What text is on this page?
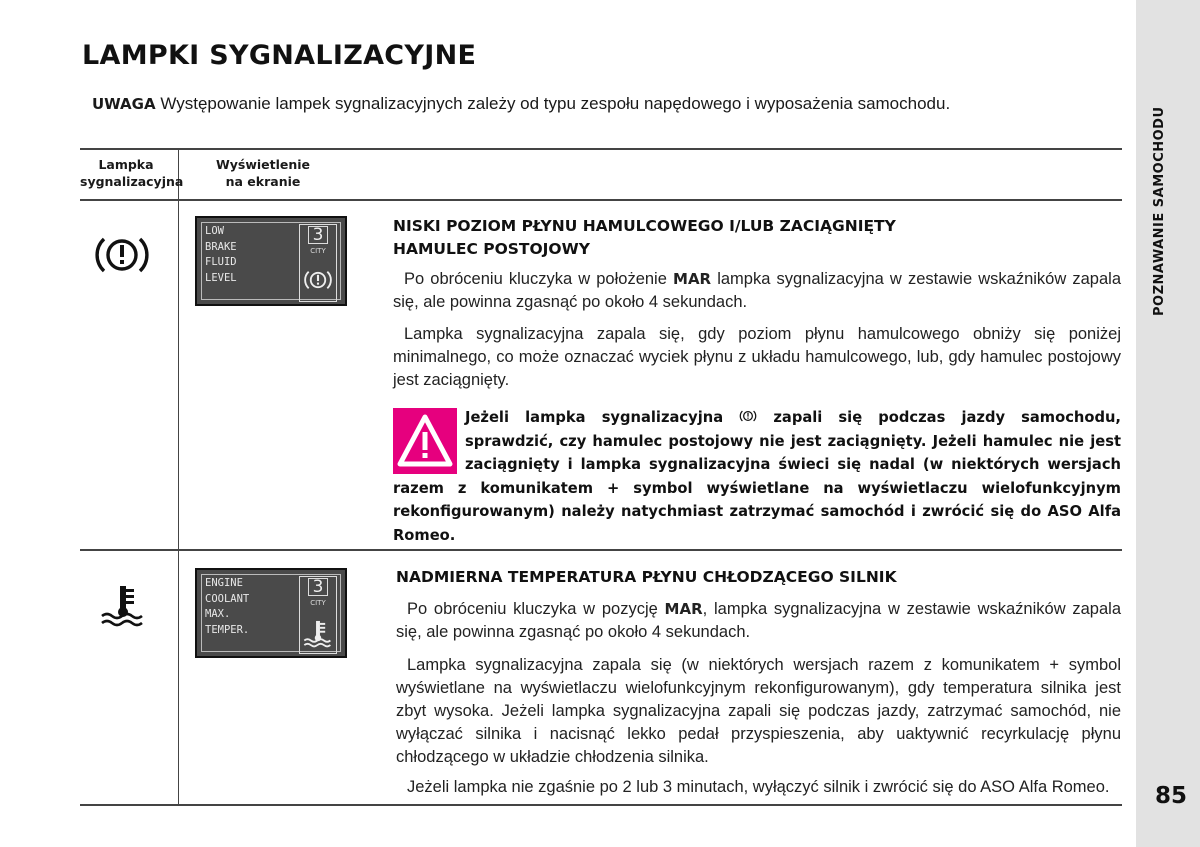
POZNAWANIE SAMOCHODU
85
LAMPKI SYGNALIZACYJNE
UWAGA Występowanie lampek sygnalizacyjnych zależy od typu zespołu napędowego i wyposażenia samochodu.
Lampka
sygnalizacyjna
Wyświetlenie
na ekranie
LOW
BRAKE
FLUID
LEVEL
3
CITY
NISKI POZIOM PŁYNU HAMULCOWEGO I/LUB ZACIĄGNIĘTY
HAMULEC POSTOJOWY
Po obróceniu kluczyka w położenie MAR lampka sygnalizacyjna w zestawie wskaźników zapala się, ale powinna zgasnąć po około 4 sekundach.
Lampka sygnalizacyjna zapala się, gdy poziom płynu hamulcowego obniży się poniżej minimalnego, co może oznaczać wyciek płynu z układu hamulcowego, lub, gdy hamulec postojowy jest zaciągnięty.
Jeżeli lampka sygnalizacyjna  zapali się podczas jazdy samochodu, sprawdzić, czy hamulec postojowy nie jest zaciągnięty. Jeżeli hamulec nie jest zaciągnięty i lampka sygnalizacyjna świeci się nadal (w niektórych wersjach razem z komunikatem + symbol wyświetlane na wyświetlaczu wielofunkcyjnym rekonfigurowanym) należy natychmiast zatrzymać samochód i zwrócić się do ASO Alfa Romeo.
ENGINE
COOLANT
MAX.
TEMPER.
3
CITY
NADMIERNA TEMPERATURA PŁYNU CHŁODZĄCEGO SILNIK
Po obróceniu kluczyka w pozycję MAR, lampka sygnalizacyjna w zestawie wskaźników zapala się, ale powinna zgasnąć po około 4 sekundach.
Lampka sygnalizacyjna zapala się (w niektórych wersjach razem z komunikatem + symbol wyświetlane na wyświetlaczu wielofunkcyjnym rekonfigurowanym), gdy temperatura silnika jest zbyt wysoka. Jeżeli lampka sygnalizacyjna zapali się podczas jazdy, zatrzymać samochód, nie wyłączać silnika i nacisnąć lekko pedał przyspieszenia, aby uaktywnić recyrkulację płynu chłodzącego w układzie chłodzenia silnika.
Jeżeli lampka nie zgaśnie po 2 lub 3 minutach, wyłączyć silnik i zwrócić się do ASO Alfa Romeo.
